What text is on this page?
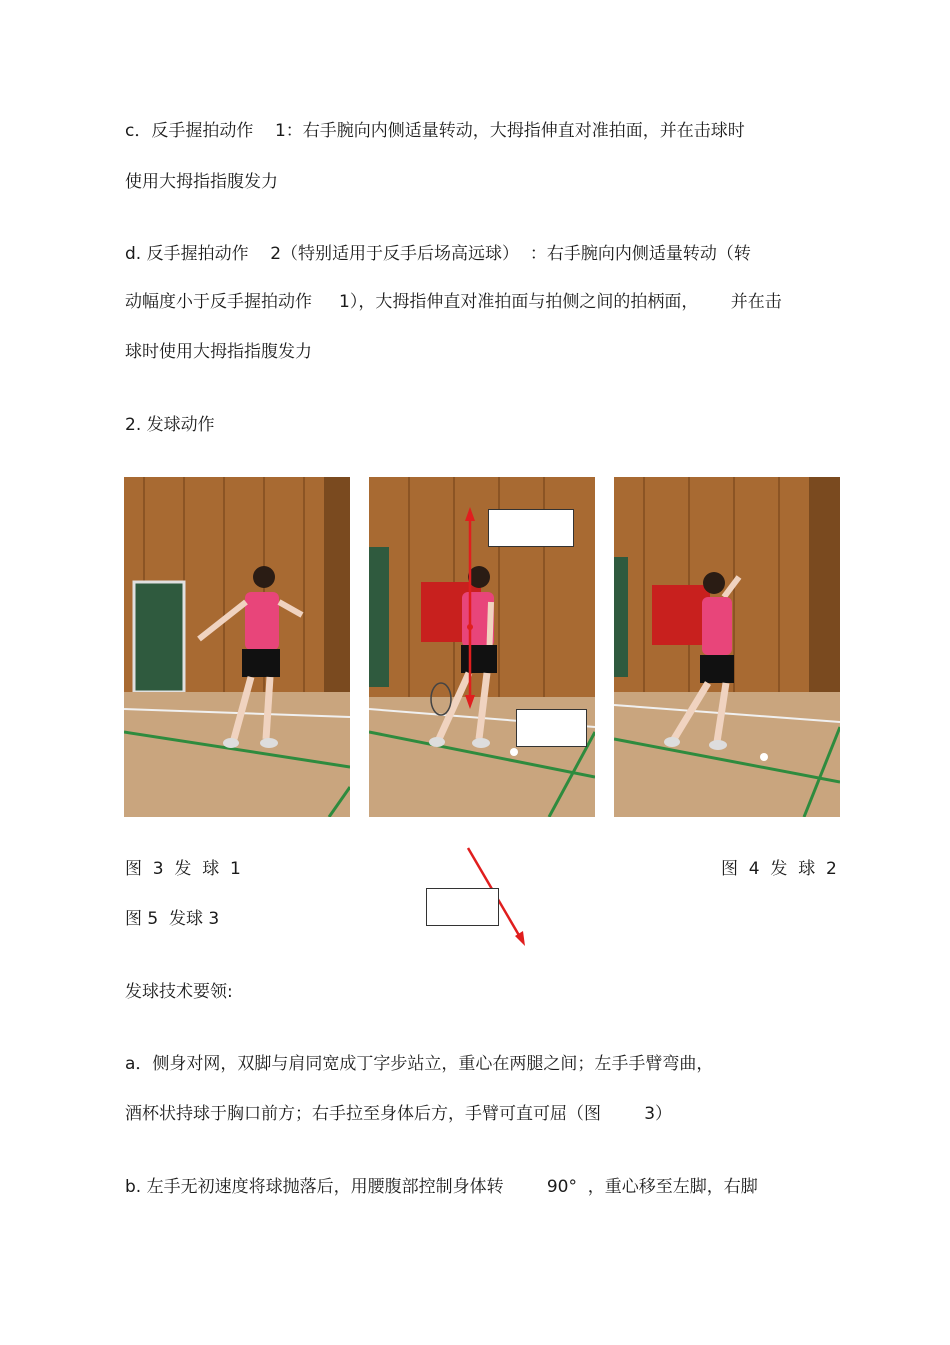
c．反手握拍动作    1：右手腕向内侧适量转动，大拇指伸直对准拍面，并在击球时
使用大拇指指腹发力
d. 反手握拍动作    2（特别适用于反手后场高远球）  ：右手腕向内侧适量转动（转
动幅度小于反手握拍动作     1），大拇指伸直对准拍面与拍侧之间的拍柄面，      并在击
球时使用大拇指指腹发力
2. 发球动作
图  3  发  球  1	图  4  发  球  2
图 5  发球 3
发球技术要领:
a．侧身对网，双脚与肩同宽成丁字步站立，重心在两腿之间；左手手臂弯曲，
酒杯状持球于胸口前方；右手拉至身体后方，手臂可直可屈（图        3）
b. 左手无初速度将球抛落后，用腰腹部控制身体转        90°  ，重心移至左脚，右脚
